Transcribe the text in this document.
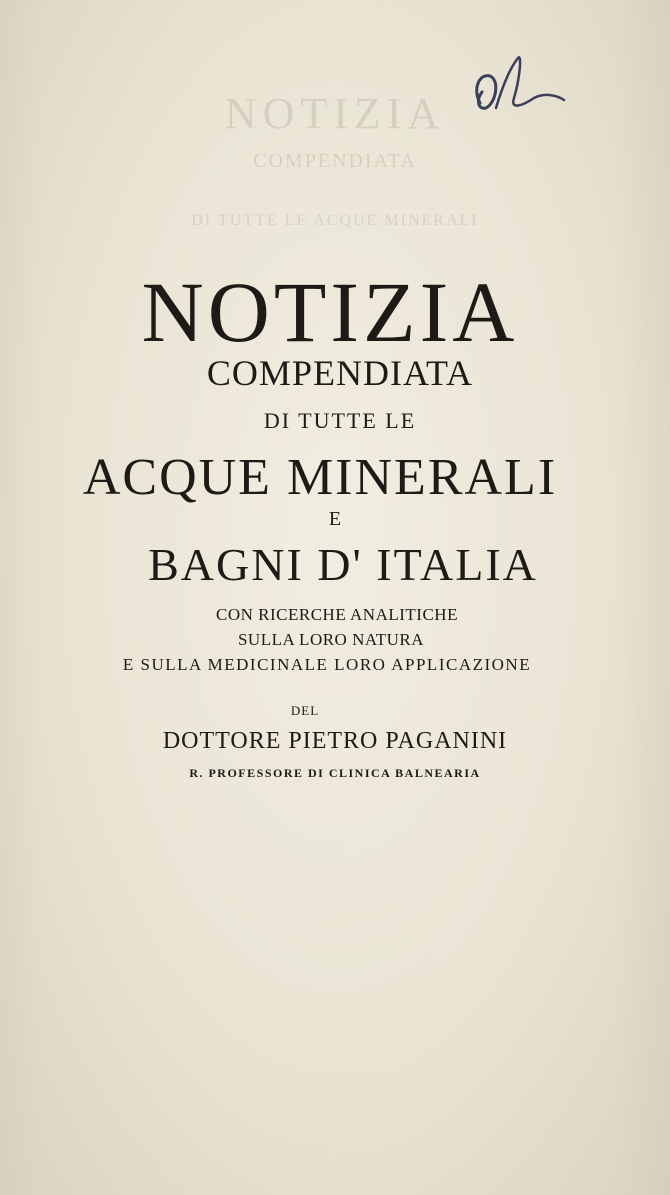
NOTIZIA
COMPENDIATA
DI TUTTE LE ACQUE MINERALI
NOTIZIA
COMPENDIATA
DI TUTTE LE
ACQUE MINERALI
E
BAGNI D' ITALIA
CON RICERCHE ANALITICHE
SULLA LORO NATURA
E SULLA MEDICINALE LORO APPLICAZIONE
DEL
DOTTORE PIETRO PAGANINI
R. PROFESSORE DI CLINICA BALNEARIA
